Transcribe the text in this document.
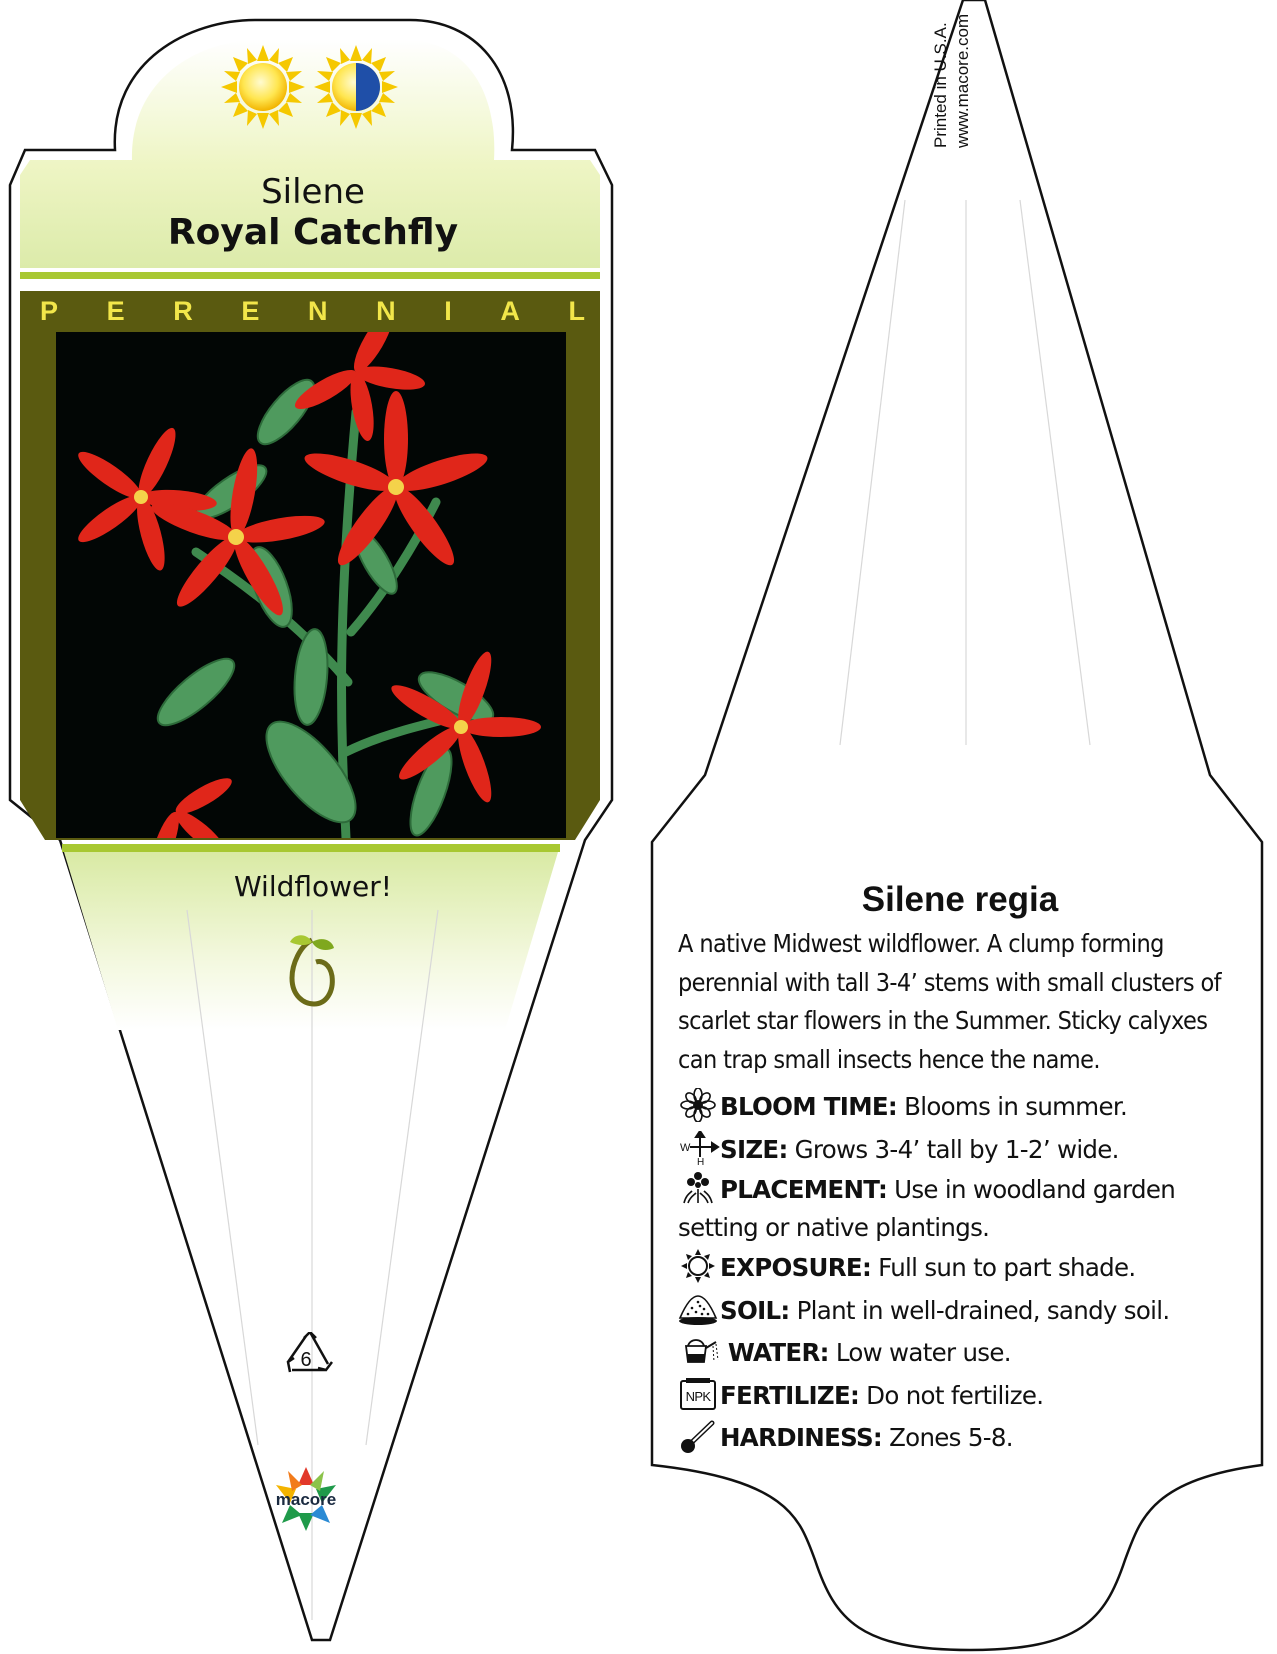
Silene
Royal Catchfly
P E R E N N I A L
Wildflower!
6
macore
Printed in U.S.A. www.macore.com
Silene regia
A native Midwest wildflower. A clump forming perennial with tall 3-4’ stems with small clusters of scarlet star flowers in the Summer. Sticky calyxes can trap small insects hence the name.
BLOOM TIME: Blooms in summer.
W
H SIZE: Grows 3-4’ tall by 1-2’ wide.
PLACEMENT: Use in woodland garden setting or native plantings.
EXPOSURE: Full sun to part shade.
SOIL: Plant in well-drained, sandy soil.
WATER: Low water use.
NPK FERTILIZE: Do not fertilize.
HARDINESS: Zones 5-8.
